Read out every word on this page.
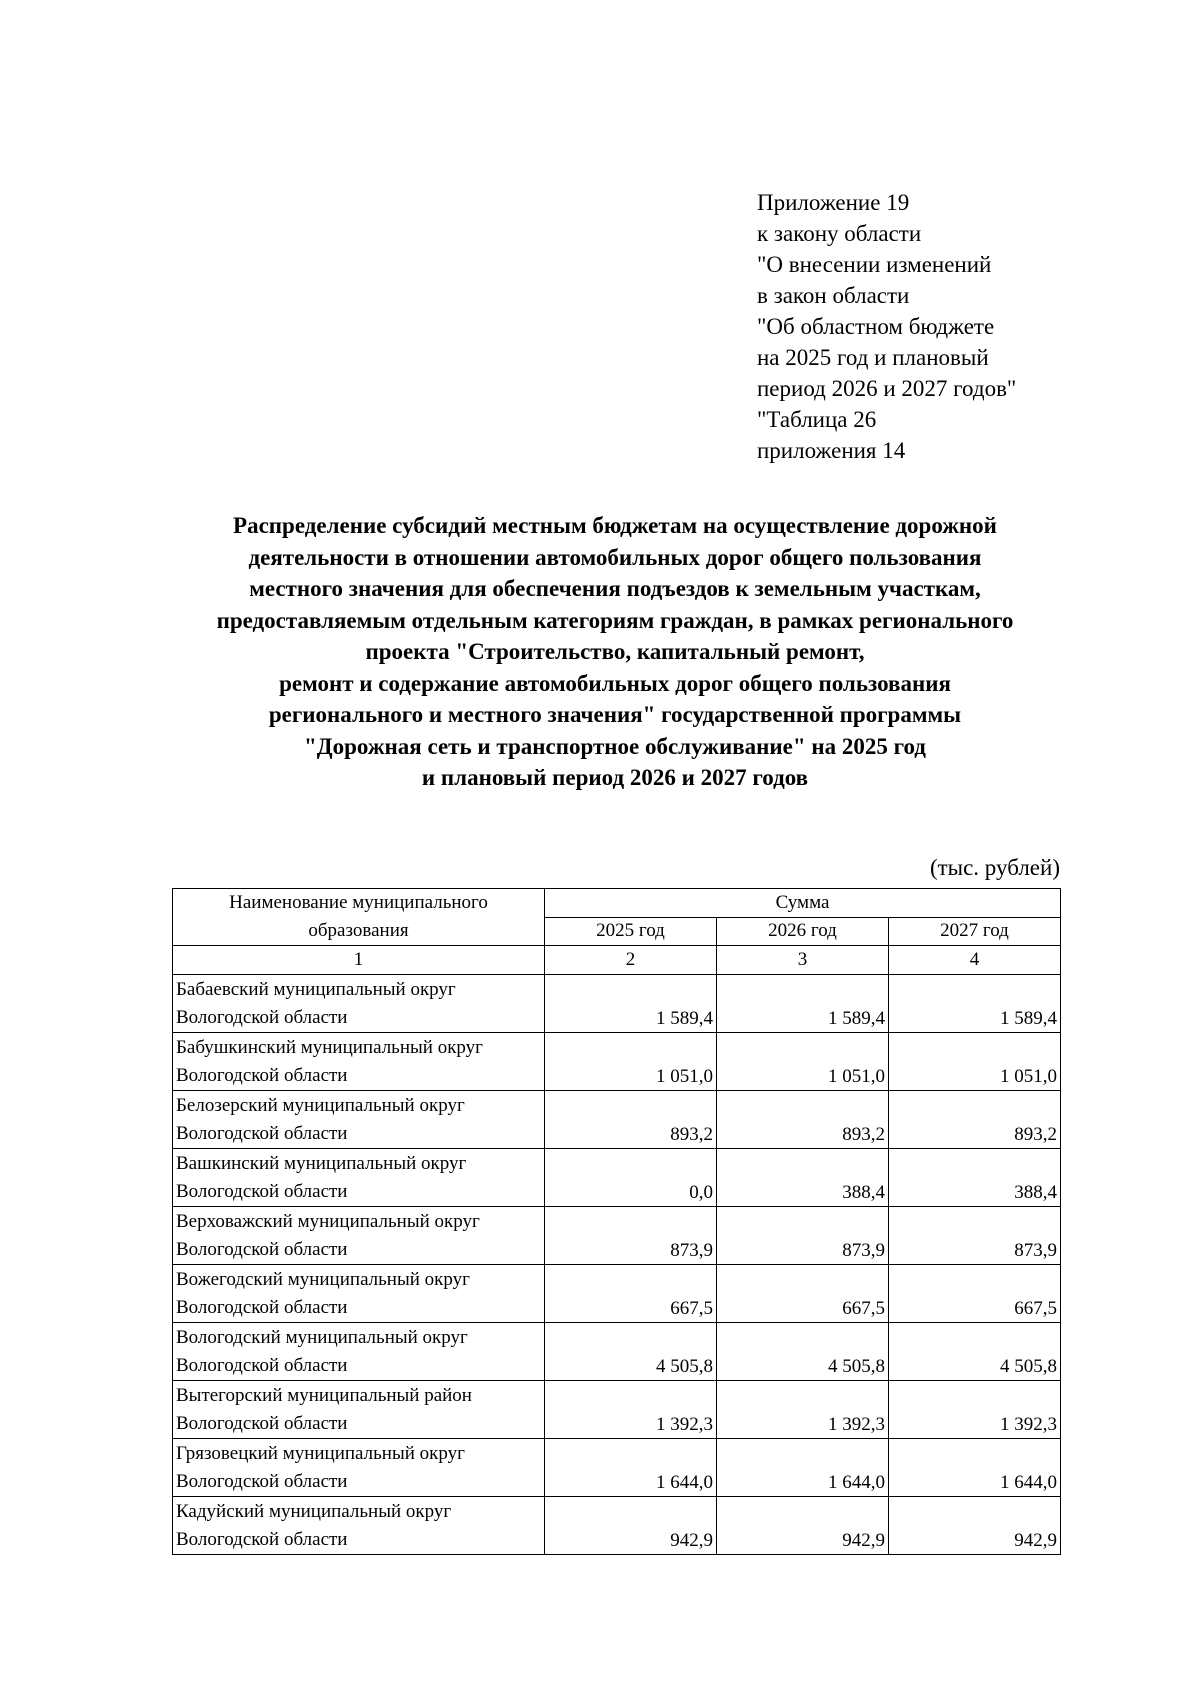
Приложение 19
к закону области
"О внесении изменений
в закон области
"Об областном бюджете
на 2025 год и плановый
период 2026 и 2027 годов"
"Таблица 26
приложения 14
Распределение субсидий местным бюджетам на осуществление дорожной
деятельности в отношении автомобильных дорог общего пользования
местного значения для обеспечения подъездов к земельным участкам,
предоставляемым отдельным категориям граждан, в рамках регионального
проекта "Строительство, капитальный ремонт,
ремонт и содержание автомобильных дорог общего пользования
регионального и местного значения" государственной программы
"Дорожная сеть и транспортное обслуживание" на 2025 год
и плановый период 2026 и 2027 годов
(тыс. рублей)
Наименование муниципального
образования	Сумма		
	2025 год	2026 год	2027 год
1	2	3	4

Бабаевский муниципальный округ
Вологодской области	1 589,4	1 589,4	1 589,4

Бабушкинский муниципальный округ
Вологодской области	1 051,0	1 051,0	1 051,0

Белозерский муниципальный округ
Вологодской области	893,2	893,2	893,2

Вашкинский муниципальный округ
Вологодской области	0,0	388,4	388,4

Верховажский муниципальный округ
Вологодской области	873,9	873,9	873,9

Вожегодский муниципальный округ
Вологодской области	667,5	667,5	667,5

Вологодский муниципальный округ
Вологодской области	4 505,8	4 505,8	4 505,8

Вытегорский муниципальный район
Вологодской области	1 392,3	1 392,3	1 392,3

Грязовецкий муниципальный округ
Вологодской области	1 644,0	1 644,0	1 644,0

Кадуйский муниципальный округ
Вологодской области	942,9	942,9	942,9
